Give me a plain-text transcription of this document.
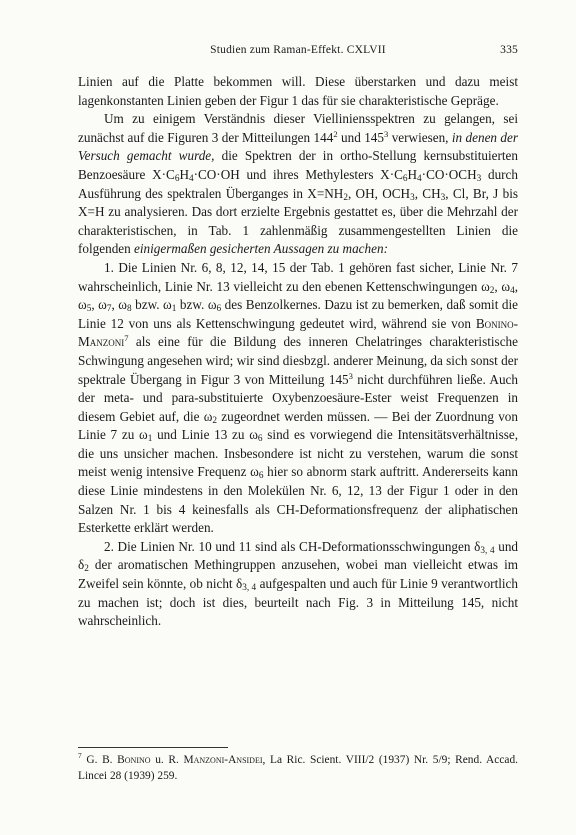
Studien zum Raman-Effekt. CXLVII	335

Linien auf die Platte bekommen will. Diese überstarken und dazu meist lagenkonstanten Linien geben der Figur 1 das für sie charakteristische Gepräge.

Um zu einigem Verständnis dieser Vielliniensspektren zu gelangen, sei zunächst auf die Figuren 3 der Mitteilungen $144^2$ und $145^3$ verwiesen, in denen der Versuch gemacht wurde, die Spektren der in ortho-Stellung kernsubstituierten Benzoesäure $X\cdot C_6H_4\cdot CO\cdot OH$ und ihres Methylesters $X\cdot C_6H_4\cdot CO\cdot OCH_3$ durch Ausführung des spektralen Überganges in $X=NH_2$, OH, $OCH_3$, $CH_3$, Cl, Br, J bis X=H zu analysieren. Das dort erzielte Ergebnis gestattet es, über die Mehrzahl der charakteristischen, in Tab. 1 zahlenmäßig zusammengestellten Linien die folgenden einigermaßen gesicherten Aussagen zu machen:

1. Die Linien Nr. 6, 8, 12, 14, 15 der Tab. 1 gehören fast sicher, Linie Nr. 7 wahrscheinlich, Linie Nr. 13 vielleicht zu den ebenen Kettenschwingungen $\omega_2$, $\omega_4$, $\omega_5$, $\omega_7$, $\omega_8$ bzw. $\omega_1$ bzw. $\omega_6$ des Benzolkernes. Dazu ist zu bemerken, daß somit die Linie 12 von uns als Kettenschwingung gedeutet wird, während sie von Bonino-Manzoni$^7$ als eine für die Bildung des inneren Chelatringes charakteristische Schwingung angesehen wird; wir sind diesbzgl. anderer Meinung, da sich sonst der spektrale Übergang in Figur 3 von Mitteilung $145^3$ nicht durchführen ließe. Auch der meta- und para-substituierte Oxybenzoesäure-Ester weist Frequenzen in diesem Gebiet auf, die $\omega_2$ zugeordnet werden müssen. — Bei der Zuordnung von Linie 7 zu $\omega_1$ und Linie 13 zu $\omega_6$ sind es vorwiegend die Intensitätsverhältnisse, die uns unsicher machen. Insbesondere ist nicht zu verstehen, warum die sonst meist wenig intensive Frequenz $\omega_6$ hier so abnorm stark auftritt. Andererseits kann diese Linie mindestens in den Molekülen Nr. 6, 12, 13 der Figur 1 oder in den Salzen Nr. 1 bis 4 keinesfalls als CH-Deformationsfrequenz der aliphatischen Esterkette erklärt werden.

2. Die Linien Nr. 10 und 11 sind als CH-Deformationsschwingungen $\delta_{3, 4}$ und $\delta_2$ der aromatischen Methingruppen anzusehen, wobei man vielleicht etwas im Zweifel sein könnte, ob nicht $\delta_{3, 4}$ aufgespalten und auch für Linie 9 verantwortlich zu machen ist; doch ist dies, beurteilt nach Fig. 3 in Mitteilung 145, nicht wahrscheinlich.

$^7$ G. B. Bonino u. R. Manzoni-Ansidei, La Ric. Scient. VIII/2 (1937) Nr. 5/9; Rend. Accad. Lincei 28 (1939) 259.
